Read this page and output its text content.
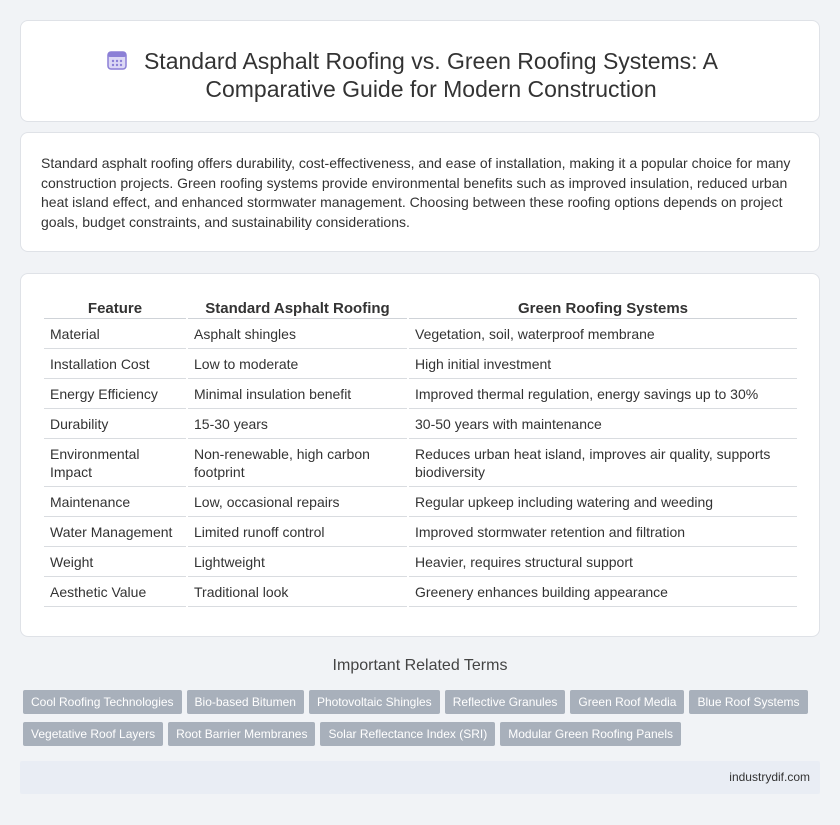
Standard Asphalt Roofing vs. Green Roofing Systems: A Comparative Guide for Modern Construction

Standard asphalt roofing offers durability, cost-effectiveness, and ease of installation, making it a popular choice for many construction projects. Green roofing systems provide environmental benefits such as improved insulation, reduced urban heat island effect, and enhanced stormwater management. Choosing between these roofing options depends on project goals, budget constraints, and sustainability considerations.

Feature	Standard Asphalt Roofing	Green Roofing Systems
Material	Asphalt shingles	Vegetation, soil, waterproof membrane
Installation Cost	Low to moderate	High initial investment
Energy Efficiency	Minimal insulation benefit	Improved thermal regulation, energy savings up to 30%
Durability	15-30 years	30-50 years with maintenance
Environmental Impact	Non-renewable, high carbon footprint	Reduces urban heat island, improves air quality, supports biodiversity
Maintenance	Low, occasional repairs	Regular upkeep including watering and weeding
Water Management	Limited runoff control	Improved stormwater retention and filtration
Weight	Lightweight	Heavier, requires structural support
Aesthetic Value	Traditional look	Greenery enhances building appearance
Important Related Terms
Cool Roofing Technologies Bio-based Bitumen Photovoltaic Shingles Reflective Granules Green Roof Media Blue Roof Systems
Vegetative Roof Layers Root Barrier Membranes Solar Reflectance Index (SRI) Modular Green Roofing Panels
industrydif.com
